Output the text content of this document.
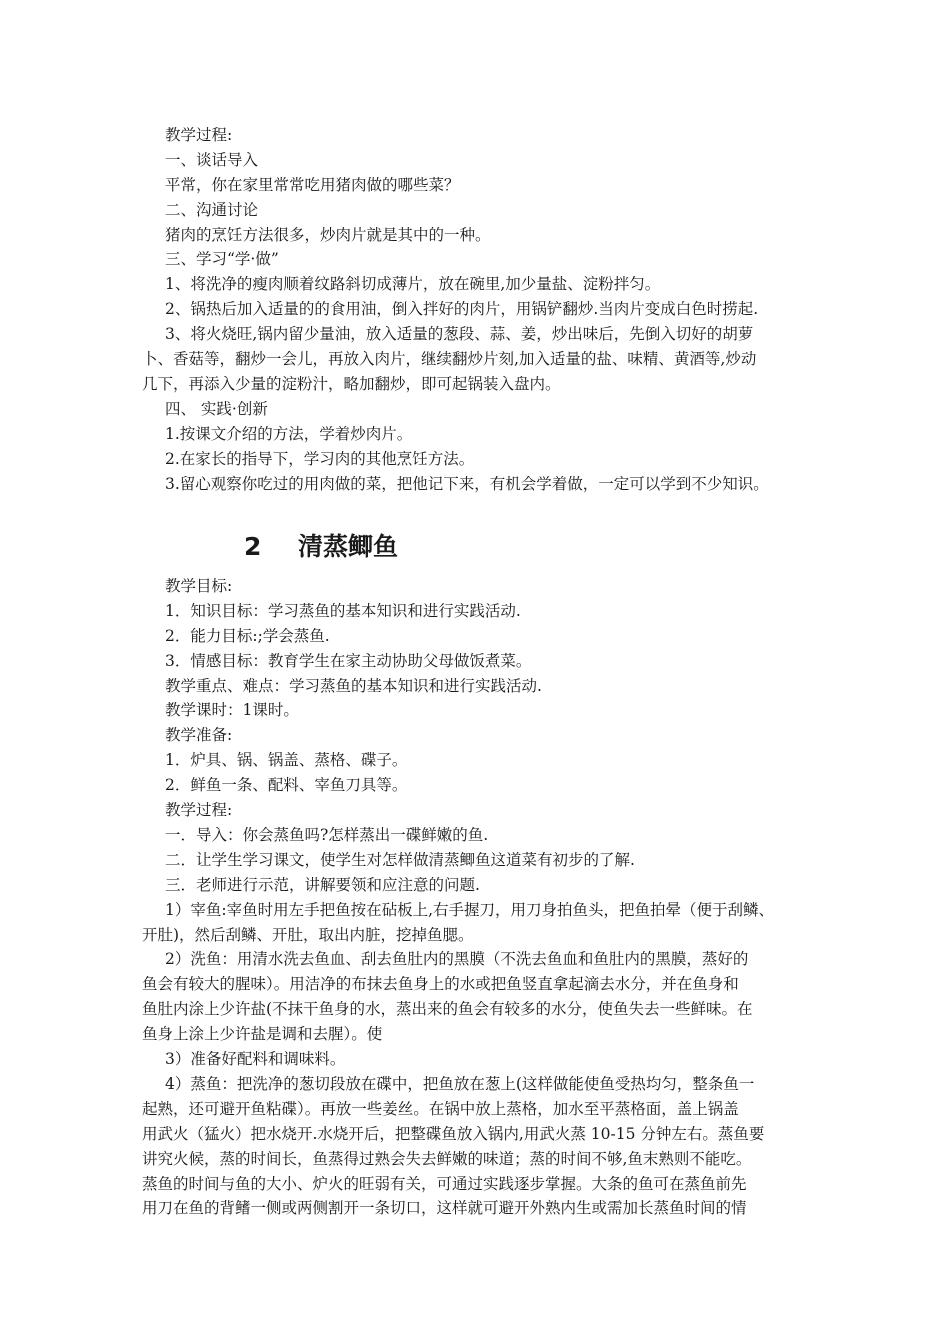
教学过程:
一、谈话导入
平常，你在家里常常吃用猪肉做的哪些菜？
二、沟通讨论
猪肉的烹饪方法很多，炒肉片就是其中的一种。
三、学习“学·做”
1、将洗净的瘦肉顺着纹路斜切成薄片，放在碗里,加少量盐、淀粉拌匀。
2、锅热后加入适量的的食用油，倒入拌好的肉片，用锅铲翻炒.当肉片变成白色时捞起.
3、将火烧旺,锅内留少量油，放入适量的葱段、蒜、姜，炒出味后，先倒入切好的胡萝
卜、香菇等，翻炒一会儿，再放入肉片，继续翻炒片刻,加入适量的盐、味精、黄酒等,炒动
几下，再添入少量的淀粉汁，略加翻炒，即可起锅装入盘内。
四、 实践·创新
1.按课文介绍的方法，学着炒肉片。
2.在家长的指导下，学习肉的其他烹饪方法。
3.留心观察你吃过的用肉做的菜，把他记下来，有机会学着做，一定可以学到不少知识。
2 清蒸鲫鱼
教学目标:
1．知识目标：学习蒸鱼的基本知识和进行实践活动.
2．能力目标:;学会蒸鱼.
3．情感目标：教育学生在家主动协助父母做饭煮菜。
教学重点、难点：学习蒸鱼的基本知识和进行实践活动.
教学课时：1课时。
教学准备:
1．炉具、锅、锅盖、蒸格、碟子。
2．鲜鱼一条、配料、宰鱼刀具等。
教学过程:
一．导入：你会蒸鱼吗?怎样蒸出一碟鲜嫩的鱼.
二．让学生学习课文，使学生对怎样做清蒸鲫鱼这道菜有初步的了解.
三．老师进行示范，讲解要领和应注意的问题.
1）宰鱼:宰鱼时用左手把鱼按在砧板上,右手握刀，用刀身拍鱼头，把鱼拍晕（便于刮鳞、
开肚)，然后刮鳞、开肚，取出内脏，挖掉鱼腮。
2）洗鱼：用清水洗去鱼血、刮去鱼肚内的黑膜（不洗去鱼血和鱼肚内的黑膜，蒸好的
鱼会有较大的腥味）。用洁净的布抹去鱼身上的水或把鱼竖直拿起滴去水分，并在鱼身和
鱼肚内涂上少许盐(不抹干鱼身的水，蒸出来的鱼会有较多的水分，使鱼失去一些鲜味。在
鱼身上涂上少许盐是调和去腥）。使
3）准备好配料和调味料。
4）蒸鱼：把洗净的葱切段放在碟中，把鱼放在葱上(这样做能使鱼受热均匀，整条鱼一
起熟，还可避开鱼粘碟）。再放一些姜丝。在锅中放上蒸格，加水至平蒸格面，盖上锅盖
用武火（猛火）把水烧开.水烧开后，把整碟鱼放入锅内,用武火蒸 10-15 分钟左右。蒸鱼要
讲究火候，蒸的时间长，鱼蒸得过熟会失去鲜嫩的味道；蒸的时间不够,鱼末熟则不能吃。
蒸鱼的时间与鱼的大小、炉火的旺弱有关，可通过实践逐步掌握。大条的鱼可在蒸鱼前先
用刀在鱼的背鳍一侧或两侧割开一条切口，这样就可避开外熟内生或需加长蒸鱼时间的情
